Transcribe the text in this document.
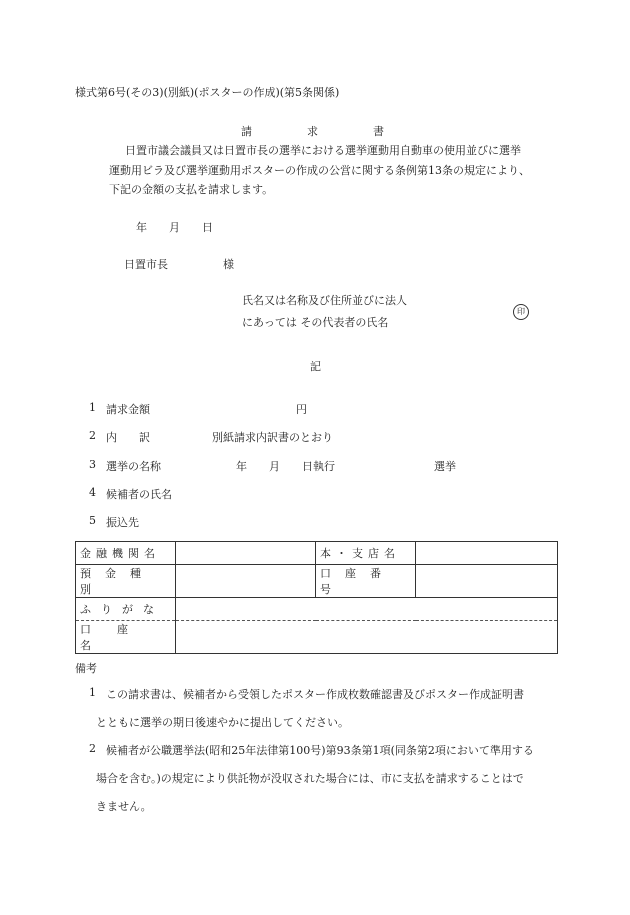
様式第6号(その3)(別紙)(ポスターの作成)(第5条関係)
請　　　　　求　　　　　書
日置市議会議員又は日置市長の選挙における選挙運動用自動車の使用並びに選挙
運動用ビラ及び選挙運動用ポスターの作成の公営に関する条例第13条の規定により、
下記の金額の支払を請求します。
年　　月　　日
日置市長　　　　　様
氏名又は名称及び住所並びに法人
にあっては その代表者の氏名
印
記
1 請求金額	円
2 内　　訳	別紙請求内訳書のとおり
3 選挙の名称	年　　月　　日執行　　　　　　　　　選挙
4 候補者の氏名
5 振込先
金融機関名		本・支店名	

預金種別		口座番号	

ふりがな			

口座名			

備考
1 この請求書は、候補者から受領したポスター作成枚数確認書及びポスター作成証明書
とともに選挙の期日後速やかに提出してください。
2 候補者が公職選挙法(昭和25年法律第100号)第93条第1項(同条第2項において準用する
場合を含む。)の規定により供託物が没収された場合には、市に支払を請求することはで
きません。
